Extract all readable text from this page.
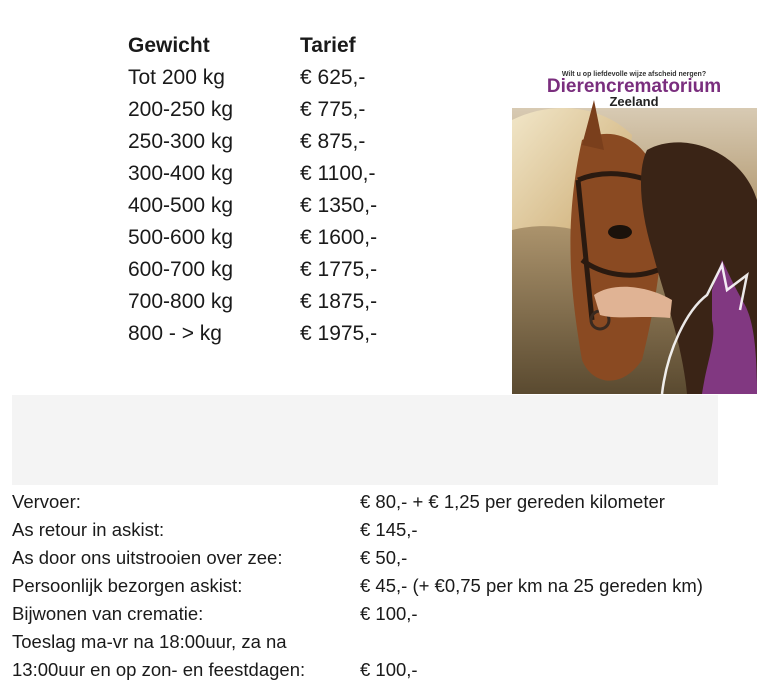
Gewicht	Tarief
Tot 200 kg	€ 625,-
200-250 kg	€ 775,-
250-300 kg	€ 875,-
300-400 kg	€ 1100,-
400-500 kg	€ 1350,-
500-600 kg	€ 1600,-
600-700 kg	€ 1775,-
700-800 kg	€ 1875,-
800 - > kg	€ 1975,-
Wilt u op liefdevolle wijze afscheid nergen?
Dierencrematorium
Zeeland
Vervoer:	€ 80,- + € 1,25 per gereden kilometer
As retour in askist:	€ 145,-
As door ons uitstrooien over zee:	€ 50,-
Persoonlijk bezorgen askist:	€ 45,- (+ €0,75 per km na 25 gereden km)
Bijwonen van crematie:	€ 100,-
Toeslag ma-vr na 18:00uur, za na 13:00uur en op zon- en feestdagen:	€ 100,-
